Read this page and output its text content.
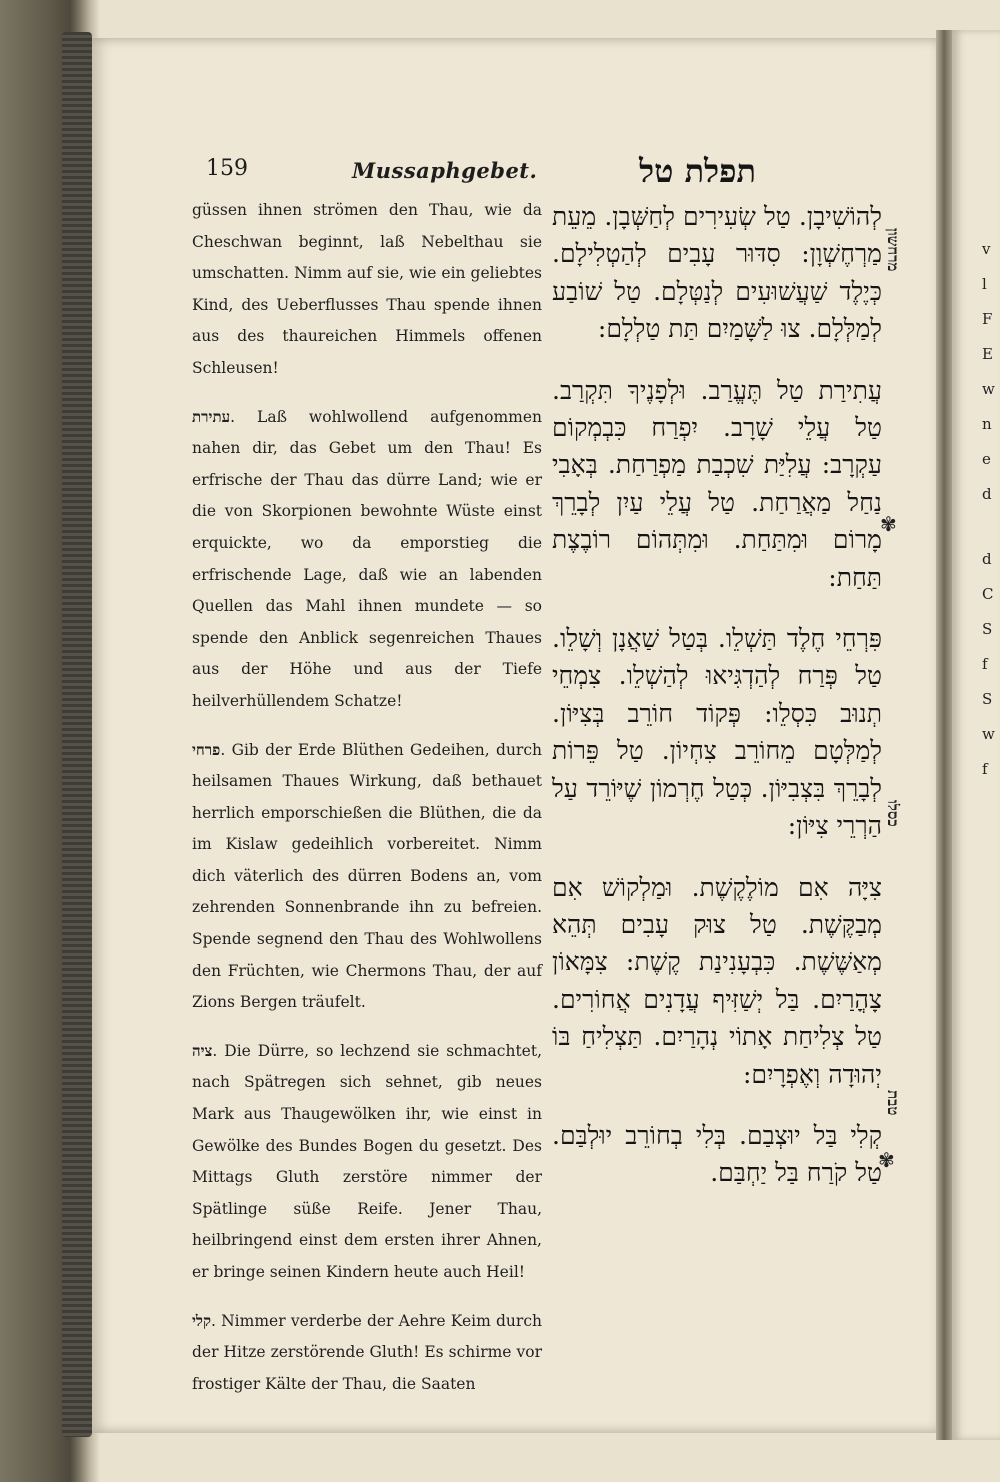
v
l
F
E
w
n
e
d
d
C
S
f
S
w
f
159	Mussaphgebet.	תפלת טל

güssen ihnen strömen den Thau, wie da Cheschwan beginnt, laß Nebelthau sie umschatten. Nimm auf sie, wie ein geliebtes Kind, des Ueberflusses Thau spende ihnen aus des thaureichen Himmels offenen Schleusen!

עתירת. Laß wohlwollend aufgenommen nahen dir, das Gebet um den Thau! Es erfrische der Thau das dürre Land; wie er die von Skorpionen bewohnte Wüste einst erquickte, wo da emporstieg die erfrischende Lage, daß wie an labenden Quellen das Mahl ihnen mundete — so spende den Anblick segenreichen Thaues aus der Höhe und aus der Tiefe heilverhüllendem Schatze!

פרחי. Gib der Erde Blüthen Gedeihen, durch heilsamen Thaues Wirkung, daß bethauet herrlich emporschießen die Blüthen, die da im Kislaw gedeihlich vorbereitet. Nimm dich väterlich des dürren Bodens an, vom zehrenden Sonnenbrande ihn zu befreien. Spende segnend den Thau des Wohlwollens den Früchten, wie Chermons Thau, der auf Zions Bergen träufelt.

ציה. Die Dürre, so lechzend sie schmachtet, nach Spätregen sich sehnet, gib neues Mark aus Thaugewölken ihr, wie einst in Gewölke des Bundes Bogen du gesetzt. Des Mittags Gluth zerstöre nimmer der Spätlinge süße Reife. Jener Thau, heilbringend einst dem ersten ihrer Ahnen, er bringe seinen Kindern heute auch Heil!

קלי. Nimmer verderbe der Aehre Keim durch der Hitze zerstörende Gluth! Es schirme vor frostiger Kälte der Thau, die Saaten

לְהוֹשִׁיבָן. טַל שְׂעִירִים לְחַשְּׁבָן. מֵעֵת מַרְחֶשְׁוָן: סִדּוּר עָבִים לְהַטְלִילָם. כְּיֶלֶד שַׁעֲשׁוּעִים לְנַטְּלָם. טַל שׁוֹבַע לְמַלְּלָם. צוּ לַשָּׁמַיִם תַּת טַלְלָם:

עֲתִירַת טַל תֶּעֱרַב. וּלְפָנֶיךָ תִּקְרַב. טַל עֲלֵי שָׁרָב. יִפְרַח כִּבְמְקוֹם עַקְרָב: עֲלִיַּת שִׁכְבַת מַפְרַחַת. בְּאָבִי נַחַל מַאֲרַחַת. טַל עֲלֵי עַיִן לְבָרֵךְ מָרוֹם וּמִתַּחַת. וּמִתְּהוֹם רוֹבֶצֶת תַּחַת:

פִּרְחֵי חֶלֶד תַּשְׁלֵו. בְּטַל שַׁאֲנָן וְשָׁלֵו. טַל פְּרַח לְהַדְגִּיאוּ לְהַשְׁלֵו. צִמְחֵי תְנוּב כִּסְלֵו: פְּקוֹד חוֹרֵב בְּצִיּוֹן. לְמַלְּטָם מֵחוֹרֵב צִחְיוֹן. טַל פֵּרוֹת לְבָרֵךְ בִּצְבִיּוֹן. כְּטַל חֶרְמוֹן שֶׁיּוֹרֵד עַל הַרְרֵי צִיּוֹן:

צִיָּה אִם מוֹלֶקֶשֶׁת. וּמַלְקוֹשׁ אִם מְבַקֶּשֶׁת. טַל צוּק עָבִים תְּהֵא מְאַשֶּׁשֶׁת. כִּבְעָנִינַת קֶשֶׁת: צִמָּאוֹן צָהֳרַיִם. בַּל יְשַׁזִּיף עֲדָנִים אֲחוֹרִים. טַל צְלִיחַת אָתוֹי נְהָרַיִם. תַּצְלִיחַ בּוֹ יְהוּדָה וְאֶפְרָיִם:

קְלִי בַּל יוּצְבַם. בְּלִי בְחוֹרֵב יוּלְבַּם. טַל קֹרַח בַּל יַחְבַּם.

מרחשון
✾
כסלו
טבת
✾
